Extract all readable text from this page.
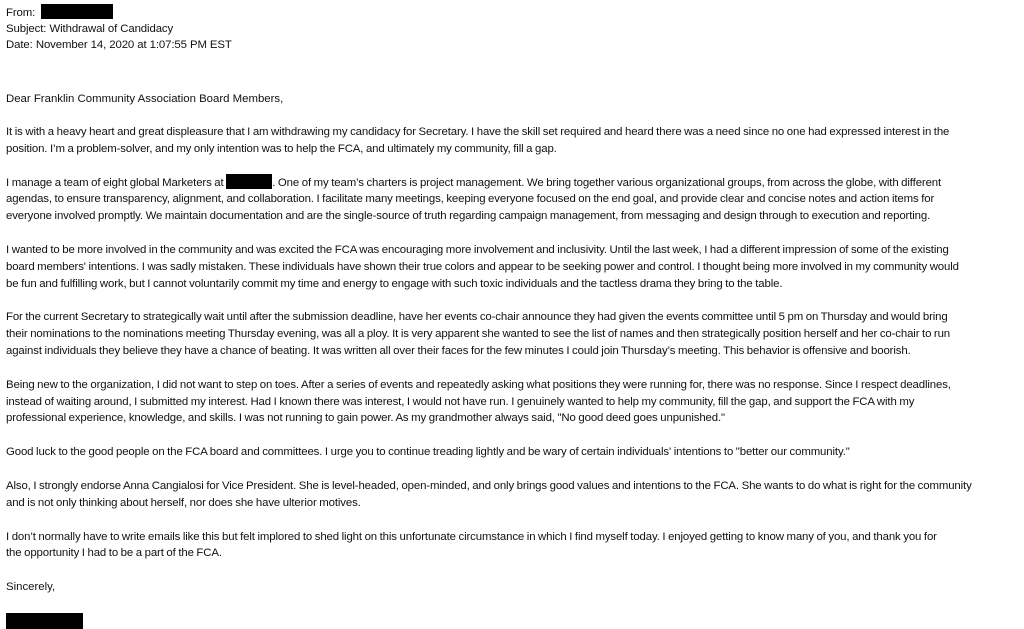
From:
Subject: Withdrawal of Candidacy
Date: November 14, 2020 at 1:07:55 PM EST
Dear Franklin Community Association Board Members,
It is with a heavy heart and great displeasure that I am withdrawing my candidacy for Secretary. I have the skill set required and heard there was a need since no one had expressed interest in the
position. I’m a problem-solver, and my only intention was to help the FCA, and ultimately my community, fill a gap.
I manage a team of eight global Marketers at	. One of my team’s charters is project management. We bring together various organizational groups, from across the globe, with different
agendas, to ensure transparency, alignment, and collaboration. I facilitate many meetings, keeping everyone focused on the end goal, and provide clear and concise notes and action items for
everyone involved promptly. We maintain documentation and are the single-source of truth regarding campaign management, from messaging and design through to execution and reporting.
I wanted to be more involved in the community and was excited the FCA was encouraging more involvement and inclusivity. Until the last week, I had a different impression of some of the existing
board members' intentions. I was sadly mistaken. These individuals have shown their true colors and appear to be seeking power and control. I thought being more involved in my community would
be fun and fulfilling work, but I cannot voluntarily commit my time and energy to engage with such toxic individuals and the tactless drama they bring to the table.
For the current Secretary to strategically wait until after the submission deadline, have her events co-chair announce they had given the events committee until 5 pm on Thursday and would bring
their nominations to the nominations meeting Thursday evening, was all a ploy. It is very apparent she wanted to see the list of names and then strategically position herself and her co-chair to run
against individuals they believe they have a chance of beating. It was written all over their faces for the few minutes I could join Thursday’s meeting. This behavior is offensive and boorish.
Being new to the organization, I did not want to step on toes. After a series of events and repeatedly asking what positions they were running for, there was no response. Since I respect deadlines,
instead of waiting around, I submitted my interest. Had I known there was interest, I would not have run. I genuinely wanted to help my community, fill the gap, and support the FCA with my
professional experience, knowledge, and skills. I was not running to gain power. As my grandmother always said, "No good deed goes unpunished."
Good luck to the good people on the FCA board and committees. I urge you to continue treading lightly and be wary of certain individuals' intentions to "better our community."
Also, I strongly endorse Anna Cangialosi for Vice President. She is level-headed, open-minded, and only brings good values and intentions to the FCA. She wants to do what is right for the community
and is not only thinking about herself, nor does she have ulterior motives.
I don’t normally have to write emails like this but felt implored to shed light on this unfortunate circumstance in which I find myself today. I enjoyed getting to know many of you, and thank you for
the opportunity I had to be a part of the FCA.
Sincerely,
